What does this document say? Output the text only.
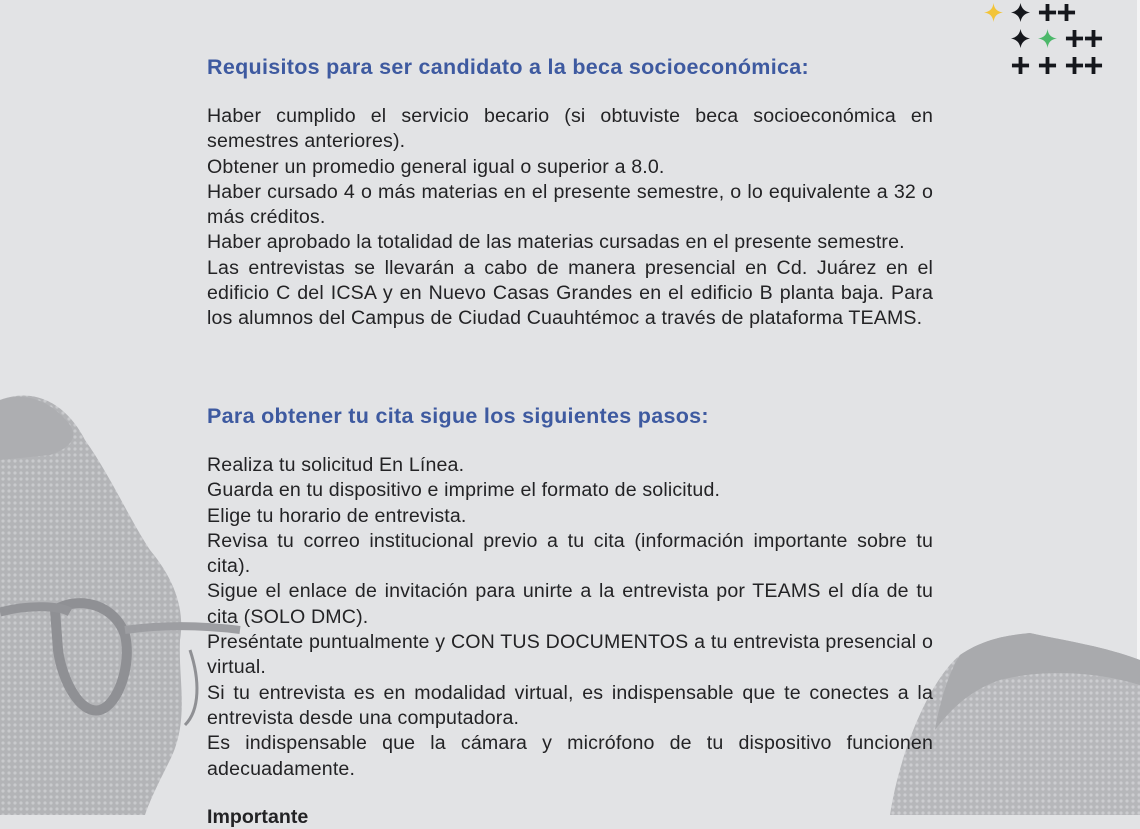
Requisitos para ser candidato a la beca socioeconómica:
Haber cumplido el servicio becario (si obtuviste beca socioeconómica en semestres anteriores).
Obtener un promedio general igual o superior a 8.0.
Haber cursado 4 o más materias en el presente semestre, o lo equivalente a 32 o más créditos.
Haber aprobado la totalidad de las materias cursadas en el presente semestre.
Las entrevistas se llevarán a cabo de manera presencial en Cd. Juárez en el edificio C del ICSA y en Nuevo Casas Grandes en el edificio B planta baja. Para los alumnos del Campus de Ciudad Cuauhtémoc a través de plataforma TEAMS.
Para obtener tu cita sigue los siguientes pasos:
Realiza tu solicitud En Línea.
Guarda en tu dispositivo e imprime el formato de solicitud.
Elige tu horario de entrevista.
Revisa tu correo institucional previo a tu cita (información importante sobre tu cita).
Sigue el enlace de invitación para unirte a la entrevista por TEAMS el día de tu cita (SOLO DMC).
Preséntate puntualmente y CON TUS DOCUMENTOS a tu entrevista presencial o virtual.
Si tu entrevista es en modalidad virtual, es indispensable que te conectes a la entrevista desde una computadora.
Es indispensable que la cámara y micrófono de tu dispositivo funcionen adecuadamente.
Importante
